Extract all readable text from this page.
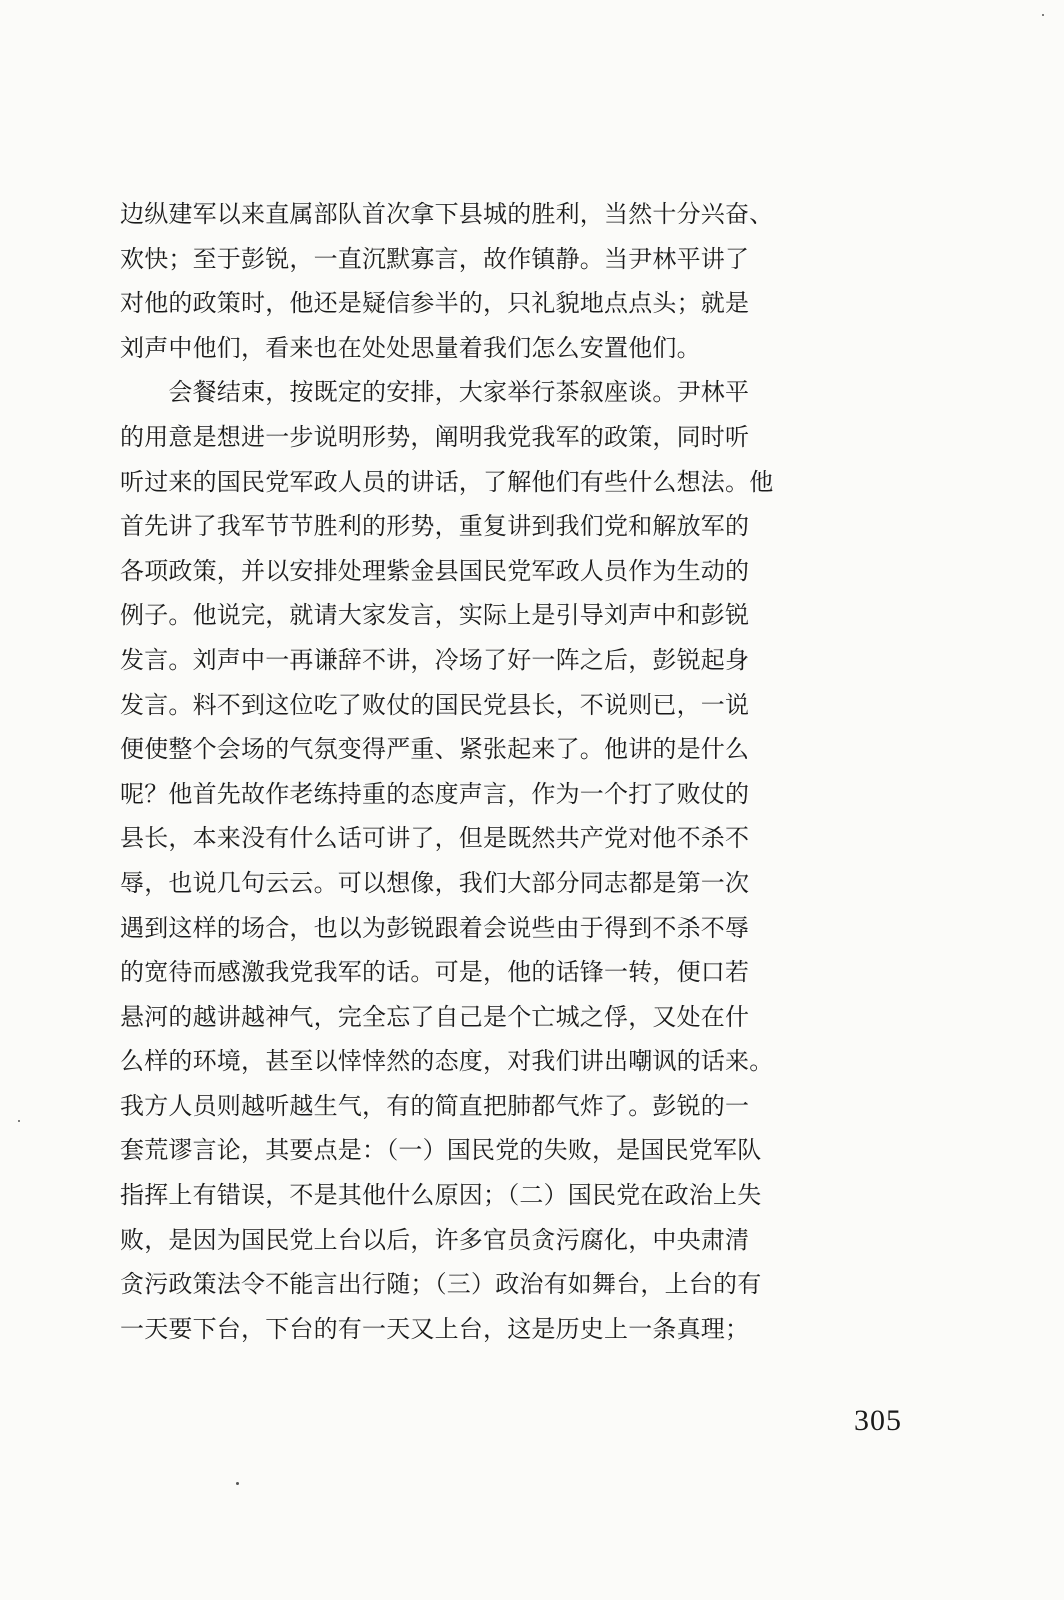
边纵建军以来直属部队首次拿下县城的胜利，当然十分兴奋、
欢快；至于彭锐，一直沉默寡言，故作镇静。当尹林平讲了
对他的政策时，他还是疑信参半的，只礼貌地点点头；就是
刘声中他们，看来也在处处思量着我们怎么安置他们。
　　会餐结束，按既定的安排，大家举行茶叙座谈。尹林平
的用意是想进一步说明形势，阐明我党我军的政策，同时听
听过来的国民党军政人员的讲话，了解他们有些什么想法。他
首先讲了我军节节胜利的形势，重复讲到我们党和解放军的
各项政策，并以安排处理紫金县国民党军政人员作为生动的
例子。他说完，就请大家发言，实际上是引导刘声中和彭锐
发言。刘声中一再谦辞不讲，冷场了好一阵之后，彭锐起身
发言。料不到这位吃了败仗的国民党县长，不说则已，一说
便使整个会场的气氛变得严重、紧张起来了。他讲的是什么
呢？他首先故作老练持重的态度声言，作为一个打了败仗的
县长，本来没有什么话可讲了，但是既然共产党对他不杀不
辱，也说几句云云。可以想像，我们大部分同志都是第一次
遇到这样的场合，也以为彭锐跟着会说些由于得到不杀不辱
的宽待而感激我党我军的话。可是，他的话锋一转，便口若
悬河的越讲越神气，完全忘了自己是个亡城之俘，又处在什
么样的环境，甚至以悻悻然的态度，对我们讲出嘲讽的话来。
我方人员则越听越生气，有的简直把肺都气炸了。彭锐的一
套荒谬言论，其要点是：（一）国民党的失败，是国民党军队
指挥上有错误，不是其他什么原因；（二）国民党在政治上失
败，是因为国民党上台以后，许多官员贪污腐化，中央肃清
贪污政策法令不能言出行随；（三）政治有如舞台，上台的有
一天要下台，下台的有一天又上台，这是历史上一条真理；
305
